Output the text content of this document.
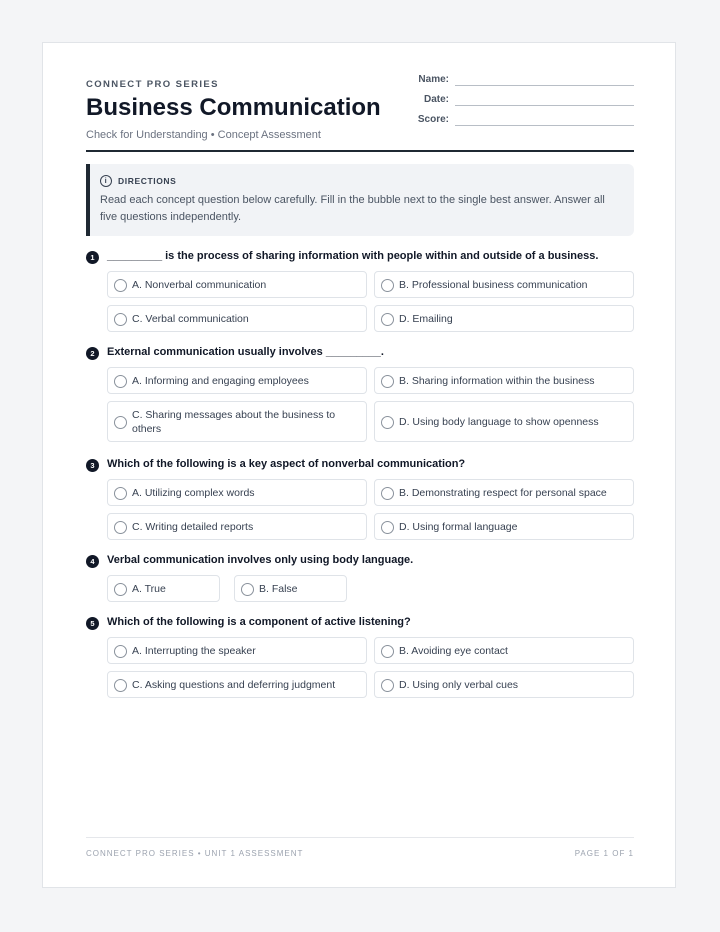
CONNECT PRO SERIES
Business Communication
Check for Understanding • Concept Assessment
Name:
Date:
Score:
i	DIRECTIONS
Read each concept question below carefully. Fill in the bubble next to the single best answer. Answer all five questions independently.
1	_________ is the process of sharing information with people within and outside of a business.
A. Nonverbal communication	B. Professional business communication
C. Verbal communication	D. Emailing
2	External communication usually involves _________.
A. Informing and engaging employees	B. Sharing information within the business
C. Sharing messages about the business to others
D. Using body language to show openness
3	Which of the following is a key aspect of nonverbal communication?
A. Utilizing complex words	B. Demonstrating respect for personal space
C. Writing detailed reports	D. Using formal language
4	Verbal communication involves only using body language.
A. True	B. False
5	Which of the following is a component of active listening?
A. Interrupting the speaker	B. Avoiding eye contact
C. Asking questions and deferring judgment	D. Using only verbal cues
CONNECT PRO SERIES • UNIT 1 ASSESSMENT	PAGE 1 OF 1
